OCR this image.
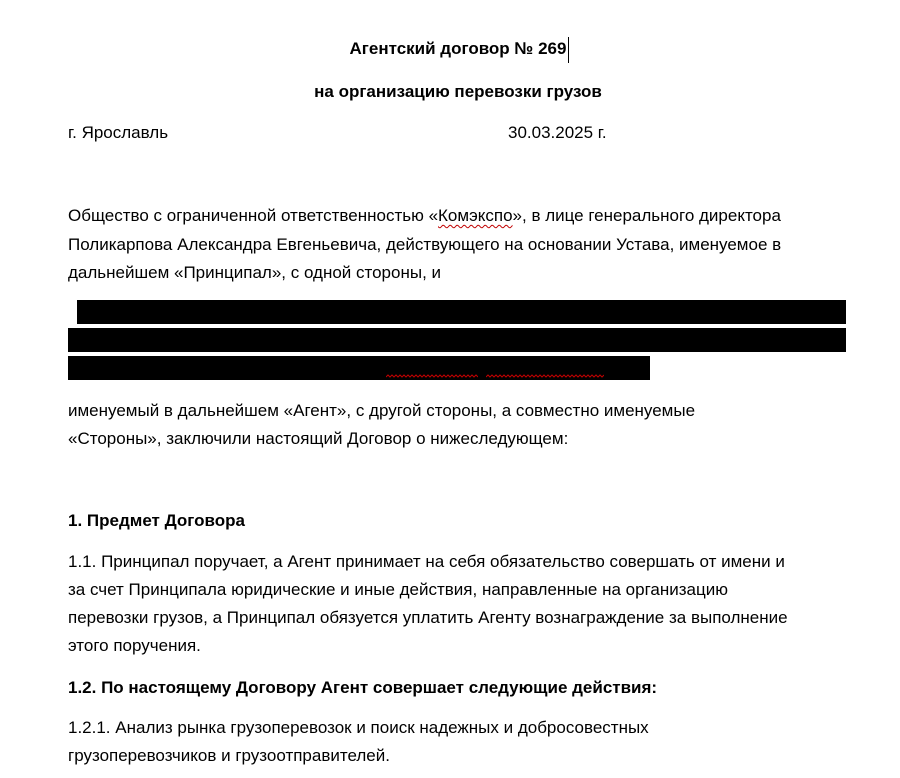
Агентский договор № 269
на организацию перевозки грузов
г. Ярославль	30.03.2025 г.
Общество с ограниченной ответственностью «Комэкспо», в лице генерального директора
Поликарпова Александра Евгеньевича, действующего на основании Устава, именуемое в
дальнейшем «Принципал», с одной стороны, и
именуемый в дальнейшем «Агент», с другой стороны, а совместно именуемые
«Стороны», заключили настоящий Договор о нижеследующем:
1. Предмет Договора
1.1. Принципал поручает, а Агент принимает на себя обязательство совершать от имени и
за счет Принципала юридические и иные действия, направленные на организацию
перевозки грузов, а Принципал обязуется уплатить Агенту вознаграждение за выполнение
этого поручения.
1.2. По настоящему Договору Агент совершает следующие действия:
1.2.1. Анализ рынка грузоперевозок и поиск надежных и добросовестных
грузоперевозчиков и грузоотправителей.
